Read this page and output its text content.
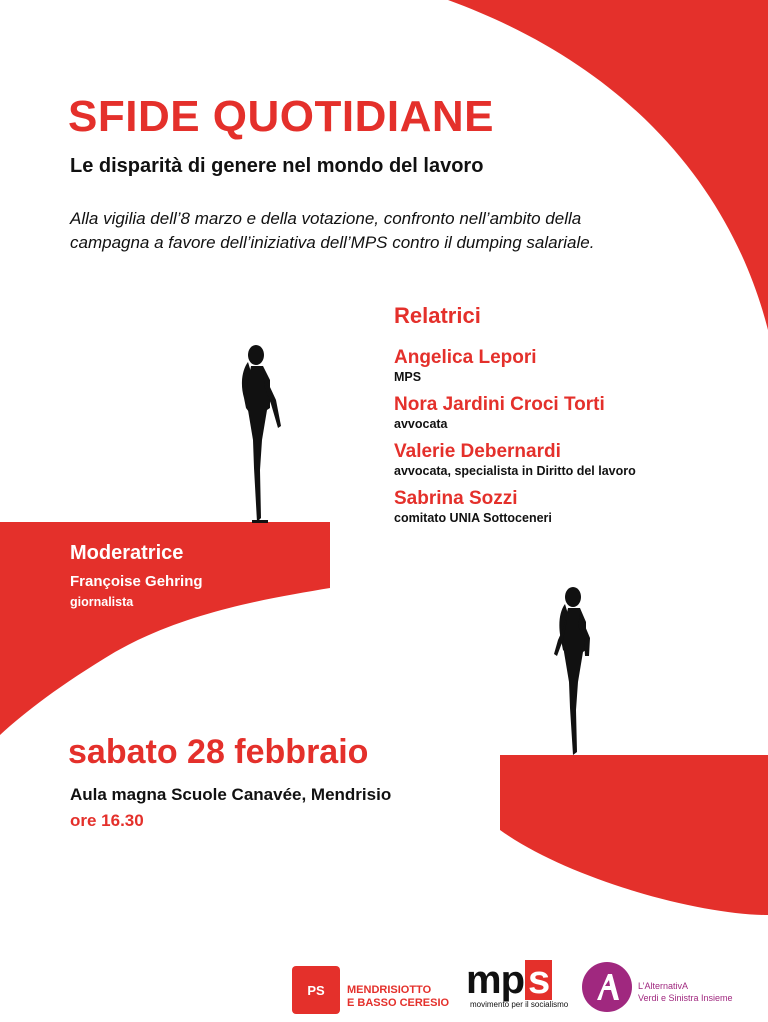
SFIDE QUOTIDIANE
Le disparità di genere nel mondo del lavoro
Alla vigilia dell’8 marzo e della votazione, confronto nell’ambito della
campagna a favore dell’iniziativa dell’MPS contro il dumping salariale.
Relatrici
Angelica Lepori
MPS
Nora Jardini Croci Torti
avvocata
Valerie Debernardi
avvocata, specialista in Diritto del lavoro
Sabrina Sozzi
comitato UNIA Sottoceneri
Moderatrice
Françoise Gehring
giornalista
sabato 28 febbraio
Aula magna Scuole Canavée, Mendrisio
ore 16.30
PS	MENDRISIOTTO
E BASSO CERESIO
mp s
movimento per il socialismo
L’AlternativA
Verdi e Sinistra Insieme
